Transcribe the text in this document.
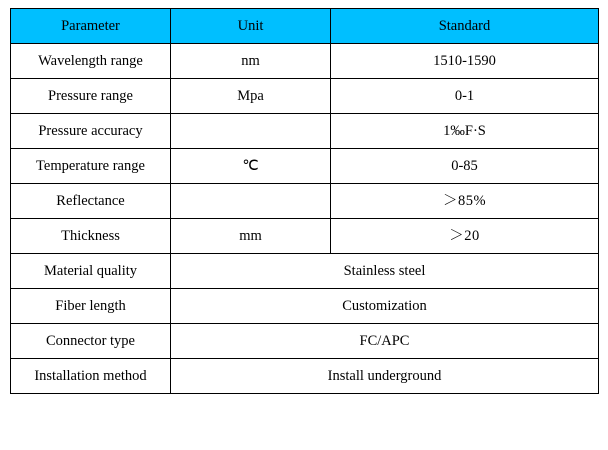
Parameter	Unit	Standard
Wavelength range	nm	1510-1590
Pressure range	Mpa	0-1
Pressure accuracy		1‰F·S
Temperature range	℃	0-85
Reflectance		＞85%
Thickness	mm	＞20
Material quality	Stainless steel	
Fiber length	Customization	
Connector type	FC/APC	
Installation method	Install underground	
